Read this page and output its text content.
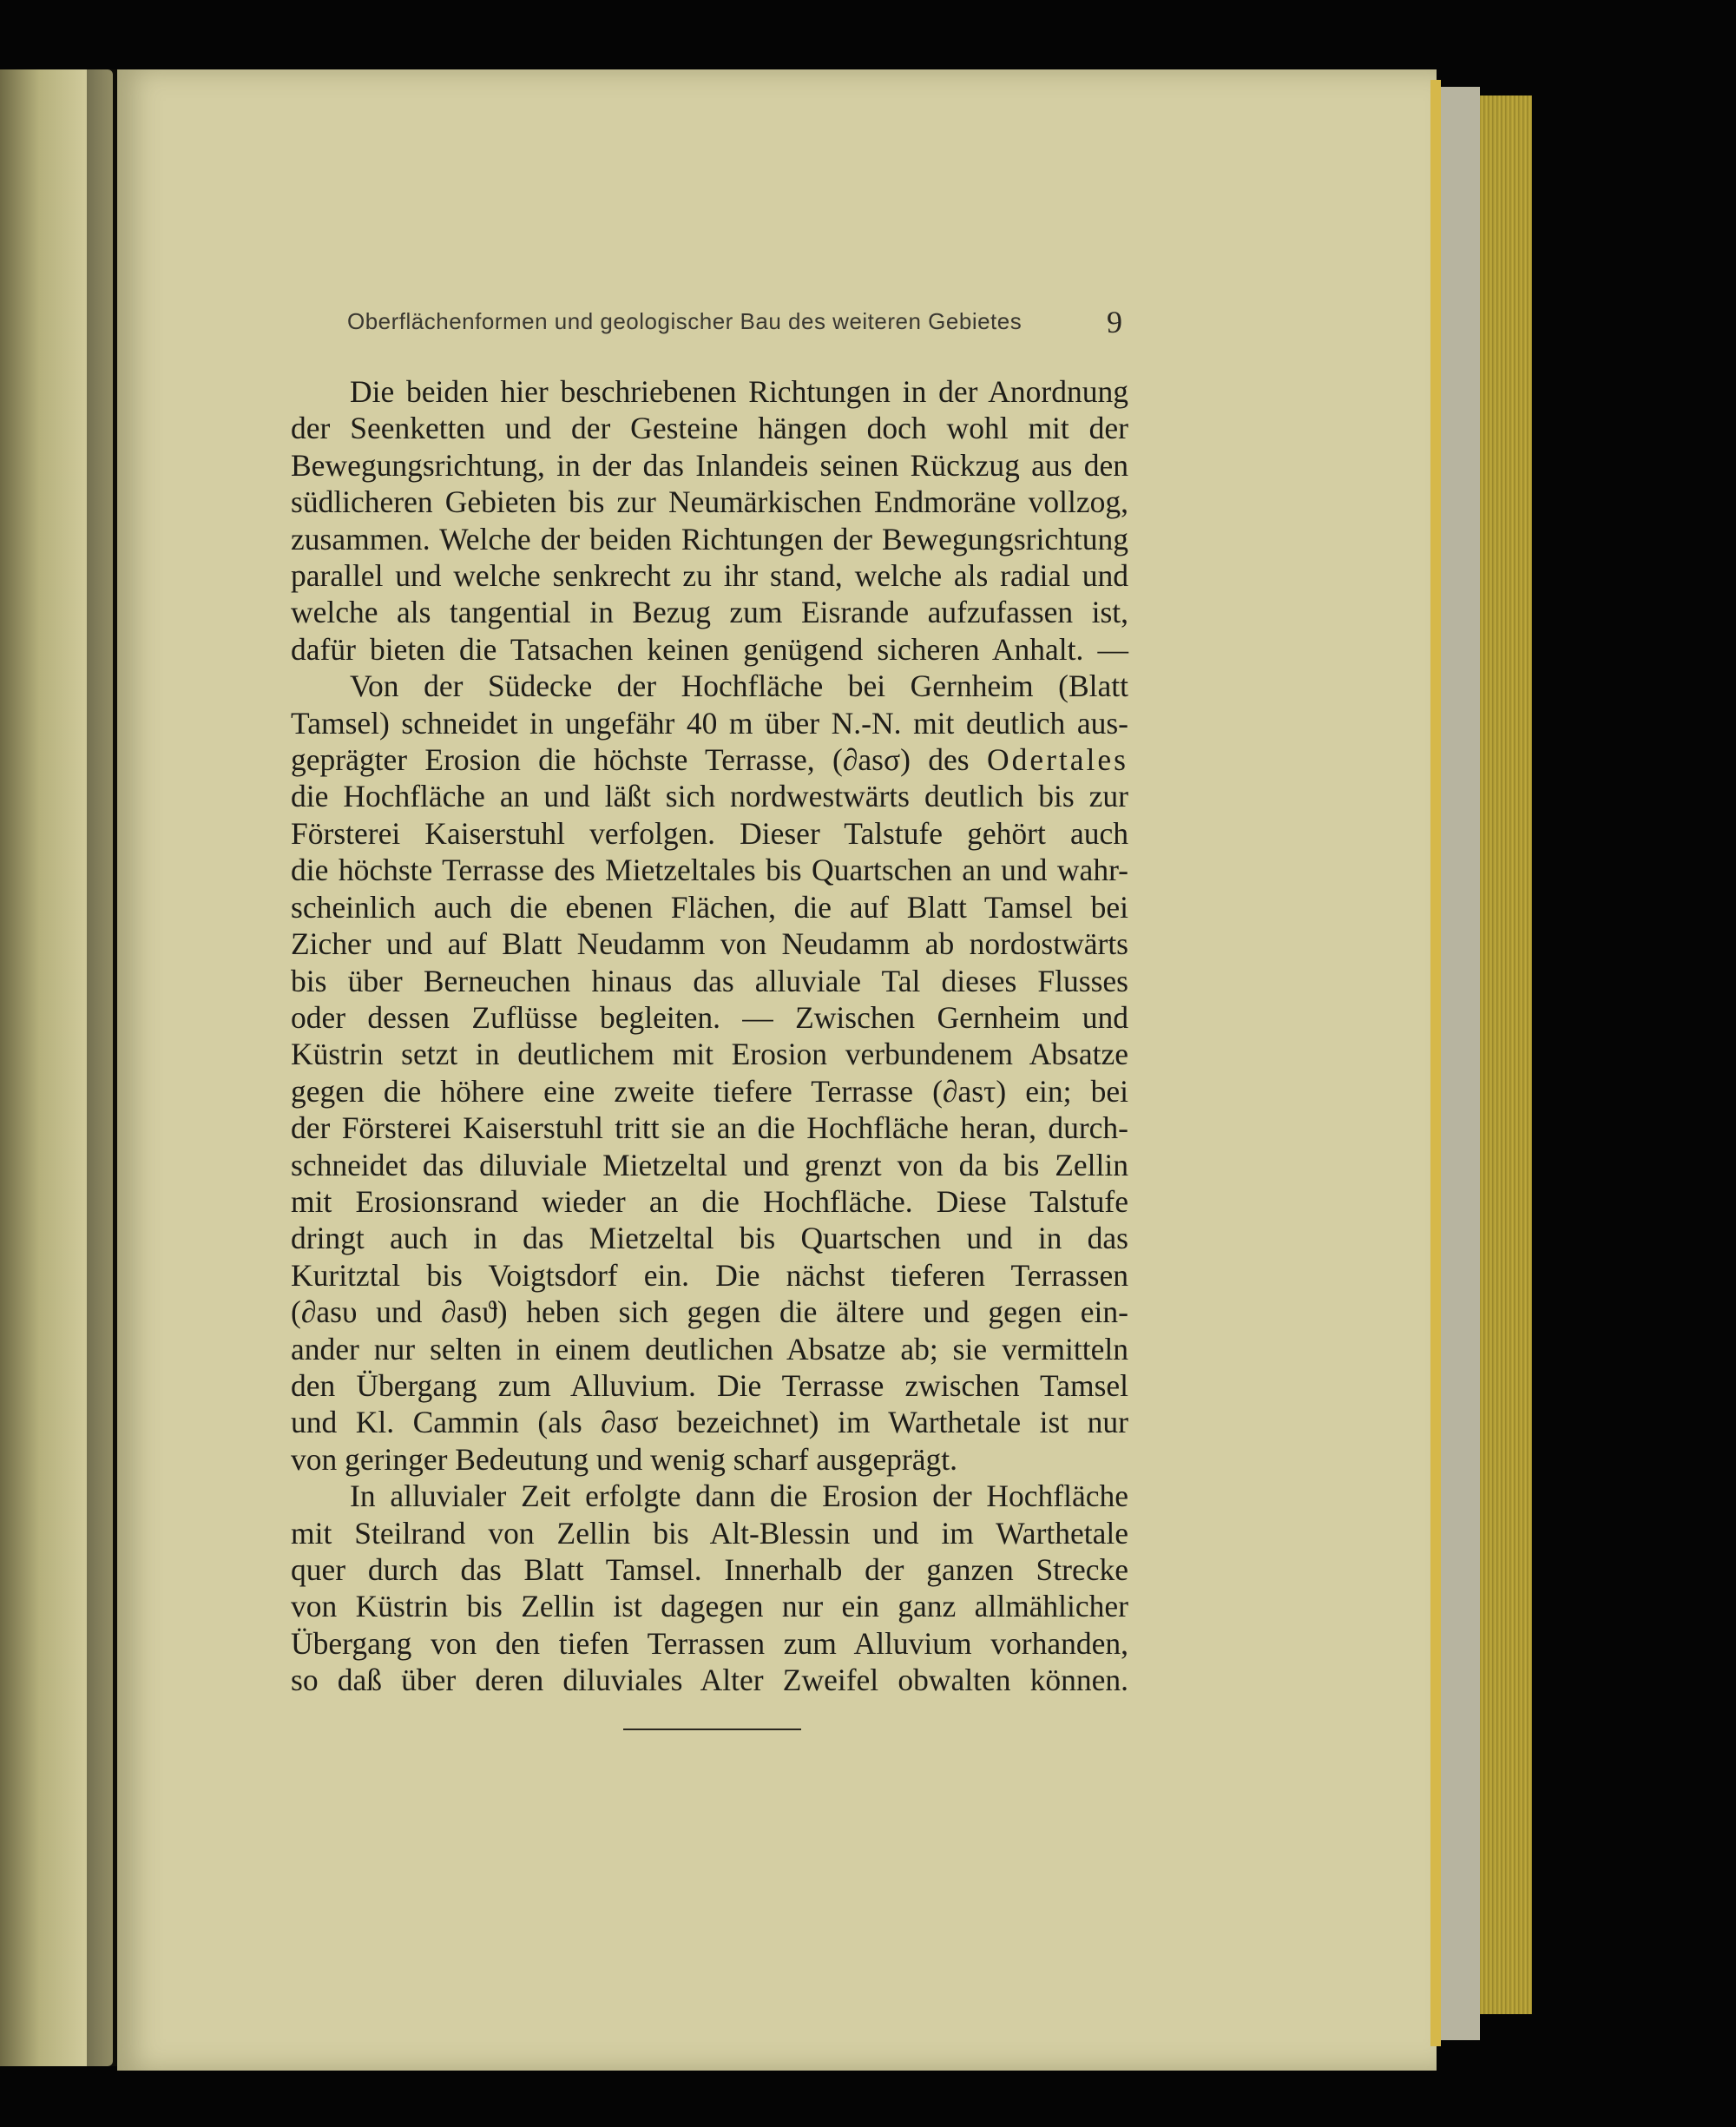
Oberflächenformen und geologischer Bau des weiteren Gebietes	9
Die beiden hier beschriebenen Richtungen in der Anordnung
der Seenketten und der Gesteine hängen doch wohl mit der
Bewegungsrichtung, in der das Inlandeis seinen Rückzug aus den
südlicheren Gebieten bis zur Neumärkischen Endmoräne vollzog,
zusammen. Welche der beiden Richtungen der Bewegungsrichtung
parallel und welche senkrecht zu ihr stand, welche als radial und
welche als tangential in Bezug zum Eisrande aufzufassen ist,
dafür bieten die Tatsachen keinen genügend sicheren Anhalt. —
Von der Südecke der Hochfläche bei Gernheim (Blatt
Tamsel) schneidet in ungefähr 40 m über N.-N. mit deutlich aus-
geprägter Erosion die höchste Terrasse, (∂asσ) des Odertales
die Hochfläche an und läßt sich nordwestwärts deutlich bis zur
Försterei Kaiserstuhl verfolgen. Dieser Talstufe gehört auch
die höchste Terrasse des Mietzeltales bis Quartschen an und wahr-
scheinlich auch die ebenen Flächen, die auf Blatt Tamsel bei
Zicher und auf Blatt Neudamm von Neudamm ab nordostwärts
bis über Berneuchen hinaus das alluviale Tal dieses Flusses
oder dessen Zuflüsse begleiten. — Zwischen Gernheim und
Küstrin setzt in deutlichem mit Erosion verbundenem Absatze
gegen die höhere eine zweite tiefere Terrasse (∂asτ) ein; bei
der Försterei Kaiserstuhl tritt sie an die Hochfläche heran, durch-
schneidet das diluviale Mietzeltal und grenzt von da bis Zellin
mit Erosionsrand wieder an die Hochfläche. Diese Talstufe
dringt auch in das Mietzeltal bis Quartschen und in das
Kuritztal bis Voigtsdorf ein. Die nächst tieferen Terrassen
(∂asυ und ∂asϑ) heben sich gegen die ältere und gegen ein-
ander nur selten in einem deutlichen Absatze ab; sie vermitteln
den Übergang zum Alluvium. Die Terrasse zwischen Tamsel
und Kl. Cammin (als ∂asσ bezeichnet) im Warthetale ist nur
von geringer Bedeutung und wenig scharf ausgeprägt.
In alluvialer Zeit erfolgte dann die Erosion der Hochfläche
mit Steilrand von Zellin bis Alt-Blessin und im Warthetale
quer durch das Blatt Tamsel. Innerhalb der ganzen Strecke
von Küstrin bis Zellin ist dagegen nur ein ganz allmählicher
Übergang von den tiefen Terrassen zum Alluvium vorhanden,
so daß über deren diluviales Alter Zweifel obwalten können.
